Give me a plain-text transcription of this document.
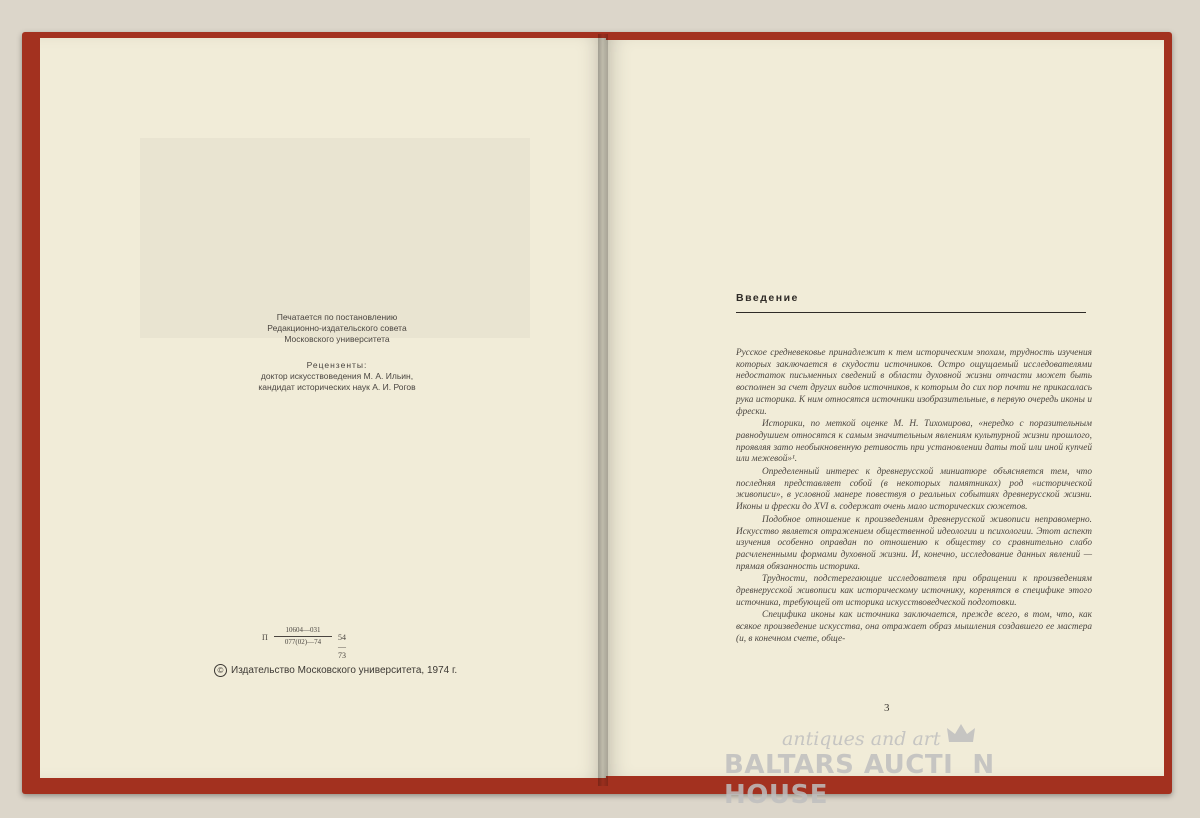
Печатается по постановлению
Редакционно-издательского совета
Московского университета
Рецензенты:
доктор искусствоведения М. А. Ильин,
кандидат исторических наук А. И. Рогов
П
10604—031
077(02)—74	54—73
© Издательство Московского университета, 1974 г.
Введение

Русское средневековье принадлежит к тем историческим эпохам, трудность изучения которых заключается в скудости источников. Остро ощущаемый исследователями недостаток письменных сведений в области духовной жизни отчасти может быть восполнен за счет других видов источников, к которым до сих пор почти не прикасалась рука историка. К ним относятся источники изобразительные, в первую очередь иконы и фрески.

Историки, по меткой оценке М. Н. Тихомирова, «нередко с поразительным равнодушием относятся к самым значительным явлениям культурной жизни прошлого, проявляя зато необыкновенную ретивость при установлении даты той или иной купчей или межевой»¹.

Определенный интерес к древнерусской миниатюре объясняется тем, что последняя представляет собой (в некоторых памятниках) род «исторической живописи», в условной манере повествуя о реальных событиях древнерусской жизни. Иконы и фрески до XVI в. содержат очень мало исторических сюжетов.

Подобное отношение к произведениям древнерусской живописи неправомерно. Искусство является отражением общественной идеологии и психологии. Этот аспект изучения особенно оправдан по отношению к обществу со сравнительно слабо расчлененными формами духовной жизни. И, конечно, исследование данных явлений — прямая обязанность историка.

Трудности, подстерегающие исследователя при обращении к произведениям древнерусской живописи как историческому источнику, коренятся в специфике этого источника, требующей от историка искусствоведческой подготовки.

Специфика иконы как источника заключается, прежде всего, в том, что, как всякое произведение искусства, она отражает образ мышления создавшего ее мастера (и, в конечном счете, обще-

3
antiques and art
BALTARS AUCTI  N HOUSE
